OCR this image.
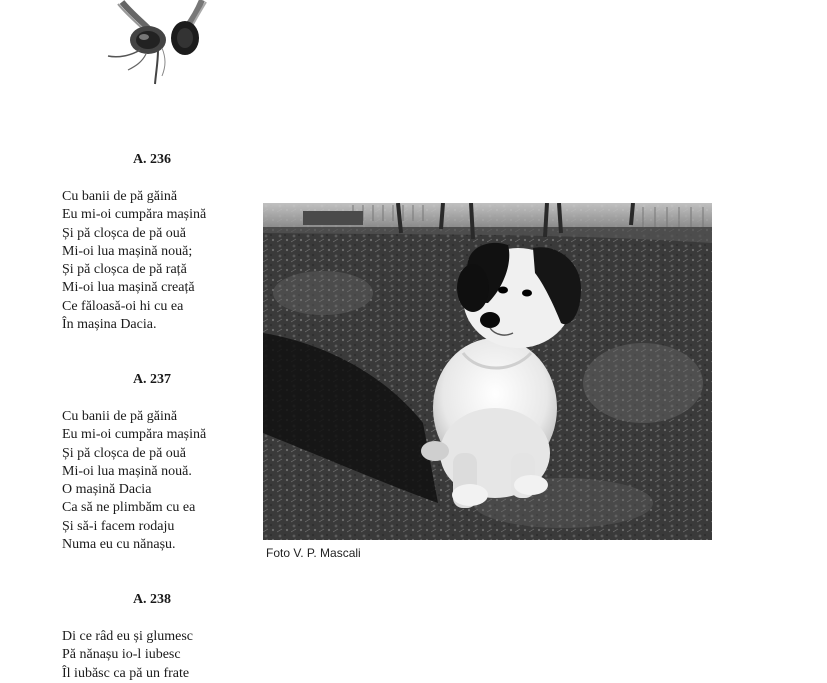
A. 236
Cu banii de pă găină
Eu mi-oi cumpăra mașină
Și pă cloșca de pă ouă
Mi-oi lua mașină nouă;
Și pă cloșca de pă rață
Mi-oi lua mașină creață
Ce făloasă-oi hi cu ea
În mașina Dacia.
A. 237
Cu banii de pă găină
Eu mi-oi cumpăra mașină
Și pă cloșca de pă ouă
Mi-oi lua mașină nouă.
O mașină Dacia
Ca să ne plimbăm cu ea
Și să-i facem rodaju
Numa eu cu nănașu.
A. 238
Di ce râd eu și glumesc
Pă nănașu io-l iubesc
Îl iubăsc ca pă un frate
Foto V. P. Mascali
